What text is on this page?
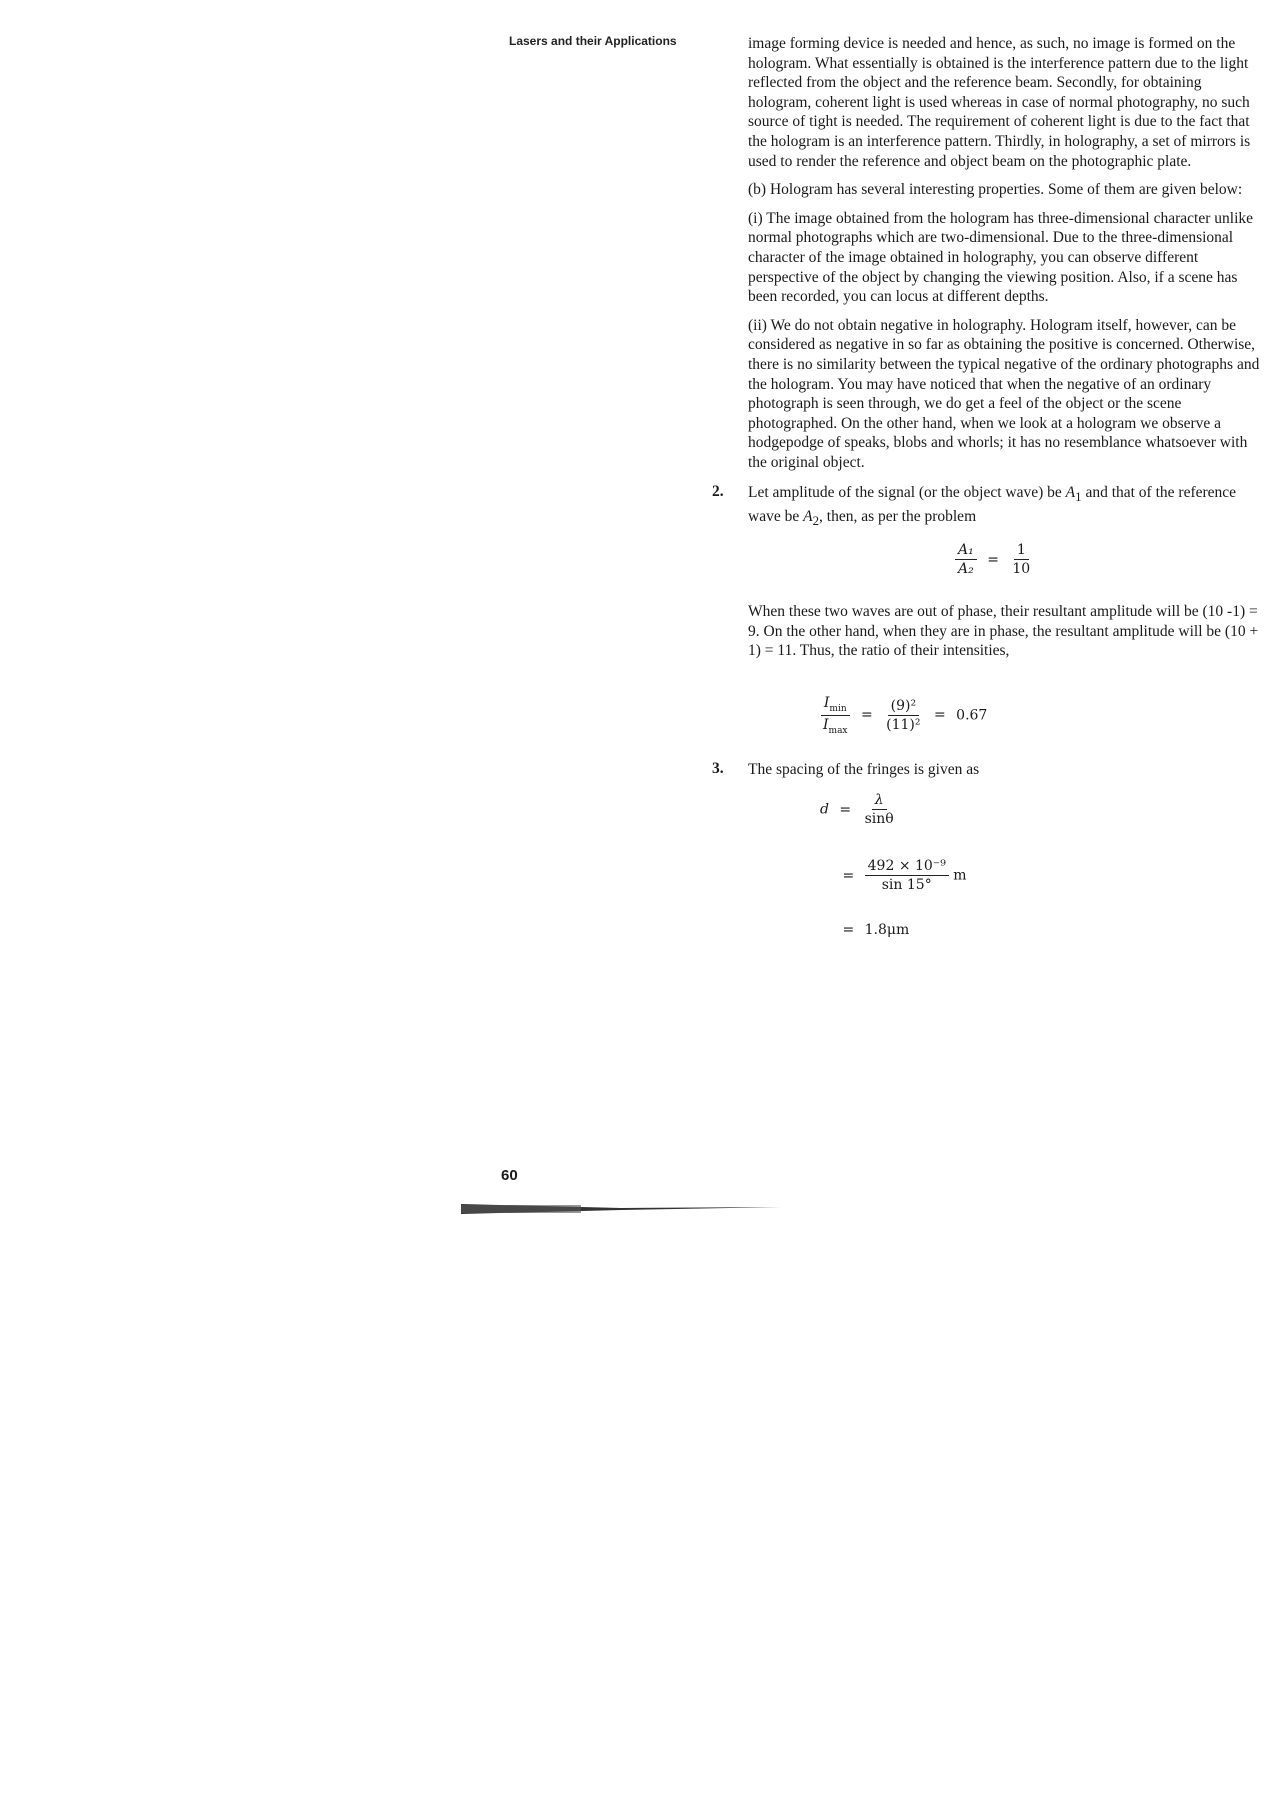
Lasers and their Applications	image forming device is needed and hence, as such, no image is formed on the hologram. What essentially is obtained is the interference pattern due to the light reflected from the object and the reference beam. Secondly, for obtaining hologram, coherent light is used whereas in case of normal photography, no such source of tight is needed. The requirement of coherent light is due to the fact that the hologram is an interference pattern. Thirdly, in holography, a set of mirrors is used to render the reference and object beam on the photographic plate.

(b) Hologram has several interesting properties. Some of them are given below:

(i) The image obtained from the hologram has three-dimensional character unlike normal photographs which are two-dimensional. Due to the three-dimensional character of the image obtained in holography, you can observe different perspective of the object by changing the viewing position. Also, if a scene has been recorded, you can locus at different depths.

(ii) We do not obtain negative in holography. Hologram itself, however, can be considered as negative in so far as obtaining the positive is concerned. Otherwise, there is no similarity between the typical negative of the ordinary photographs and the hologram. You may have noticed that when the negative of an ordinary photograph is seen through, we do get a feel of the object or the scene photographed. On the other hand, when we look at a hologram we observe a hodgepodge of speaks, blobs and whorls; it has no resemblance whatsoever with the original object.

2. Let amplitude of the signal (or the object wave) be $A_1$ and that of the reference wave be $A_2$, then, as per the problem
$\frac{\text{A₁}}{\text{A₂}} = \frac{1}{10}$
When these two waves are out of phase, their resultant amplitude will be (10 -1) = 9. On the other hand, when they are in phase, the resultant amplitude will be (10 + 1) = 11. Thus, the ratio of their intensities,
$\frac{I_{min}}{I_{max}} = \frac{\text{(9)²}}{\text{(11)²}} = 0.67$
3. The spacing of the fringes is given as
$d = \frac{\lambda}{\sin\theta}$
= $\frac{\text{492 × 10⁻⁹}}{\sin 15^\circ}$ m
= 1.8μm
60
